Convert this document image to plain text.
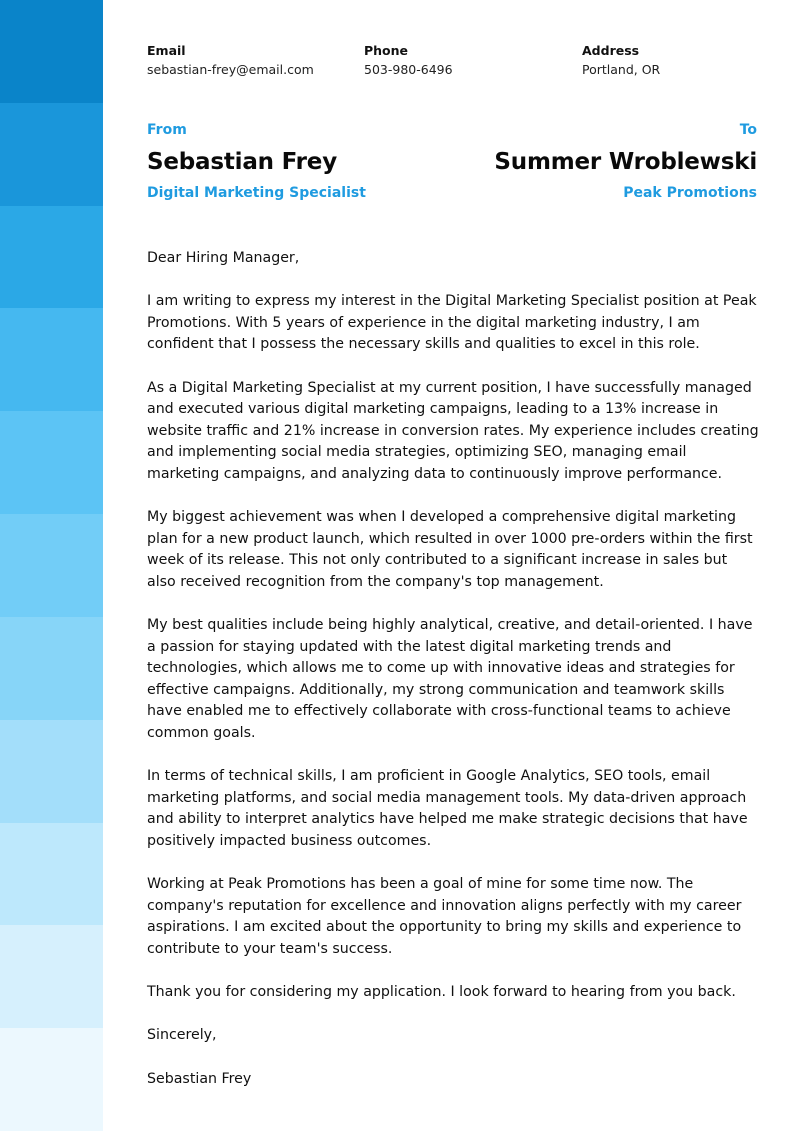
Email
sebastian-frey@email.com
Phone
503-980-6496
Address
Portland, OR
From
Sebastian Frey
Digital Marketing Specialist
To
Summer Wroblewski
Peak Promotions

Dear Hiring Manager,

I am writing to express my interest in the Digital Marketing Specialist position at Peak Promotions. With 5 years of experience in the digital marketing industry, I am confident that I possess the necessary skills and qualities to excel in this role.

As a Digital Marketing Specialist at my current position, I have successfully managed and executed various digital marketing campaigns, leading to a 13% increase in website traffic and 21% increase in conversion rates. My experience includes creating and implementing social media strategies, optimizing SEO, managing email marketing campaigns, and analyzing data to continuously improve performance.

My biggest achievement was when I developed a comprehensive digital marketing plan for a new product launch, which resulted in over 1000 pre-orders within the first week of its release. This not only contributed to a significant increase in sales but also received recognition from the company's top management.

My best qualities include being highly analytical, creative, and detail-oriented. I have a passion for staying updated with the latest digital marketing trends and technologies, which allows me to come up with innovative ideas and strategies for effective campaigns. Additionally, my strong communication and teamwork skills have enabled me to effectively collaborate with cross-functional teams to achieve common goals.

In terms of technical skills, I am proficient in Google Analytics, SEO tools, email marketing platforms, and social media management tools. My data-driven approach and ability to interpret analytics have helped me make strategic decisions that have positively impacted business outcomes.

Working at Peak Promotions has been a goal of mine for some time now. The company's reputation for excellence and innovation aligns perfectly with my career aspirations. I am excited about the opportunity to bring my skills and experience to contribute to your team's success.

Thank you for considering my application. I look forward to hearing from you back.

Sincerely,

Sebastian Frey
